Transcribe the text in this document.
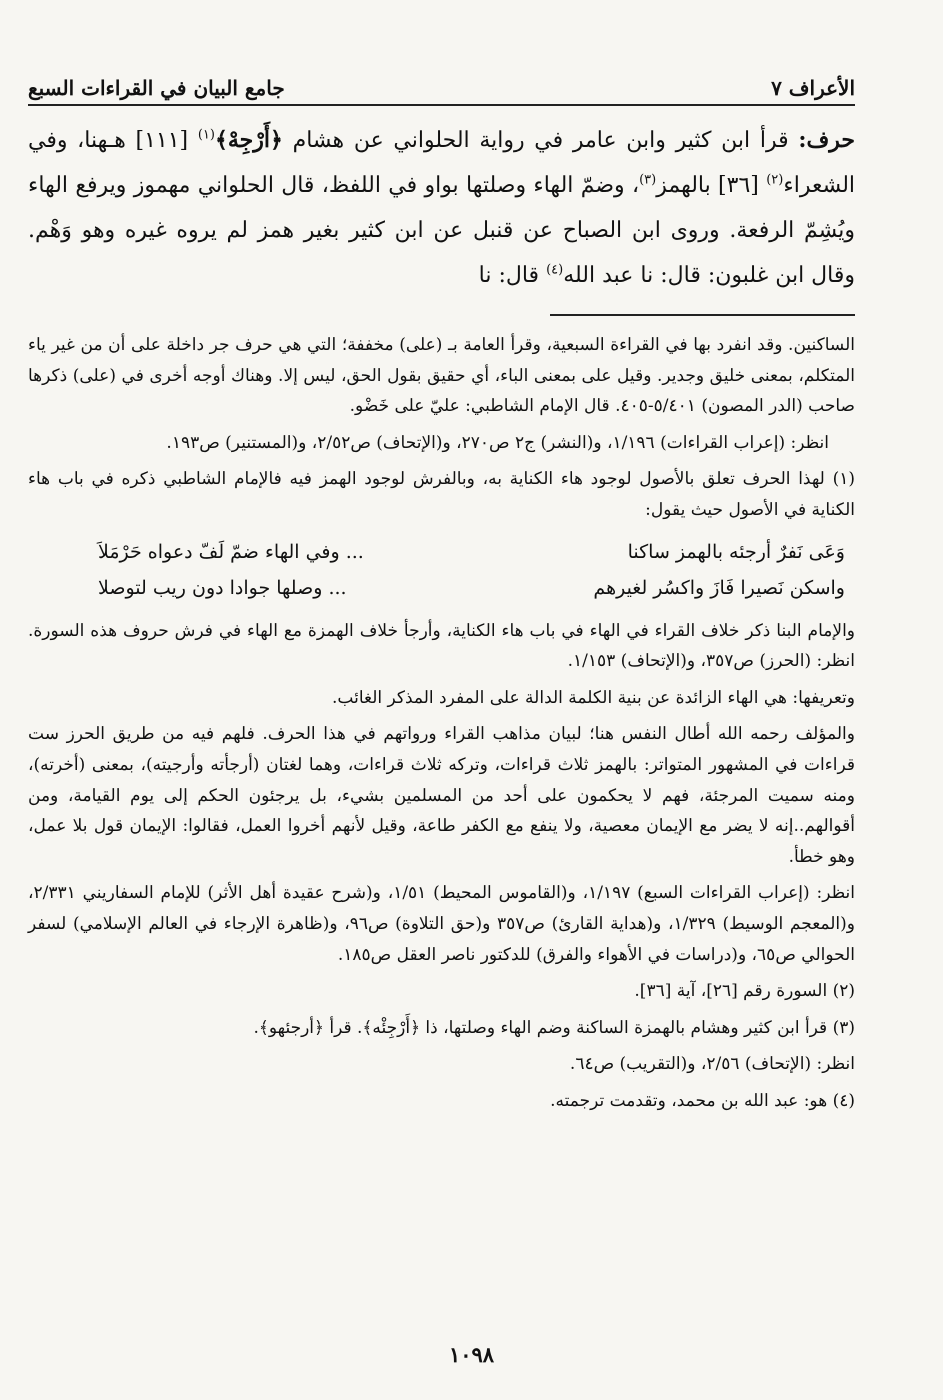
الأعراف ٧
جامع البيان في القراءات السبع
حرف: قرأ ابن كثير وابن عامر في رواية الحلواني عن هشام ﴿أَرْجِهْ﴾$^{(١)}$ [١١١] هـهنا، وفي الشعراء$^{(٢)}$ [٣٦] بالهمز$^{(٣)}$، وضمّ الهاء وصلتها بواو في اللفظ، قال الحلواني مهموز ويرفع الهاء ويُشِمّ الرفعة. وروى ابن الصباح عن قنبل عن ابن كثير بغير همز لم يروه غيره وهو وَهْم. وقال ابن غلبون: قال: نا عبد الله$^{(٤)}$ قال: نا

الساكنين. وقد انفرد بها في القراءة السبعية، وقرأ العامة بـ (على) مخففة؛ التي هي حرف جر داخلة على أن من غير ياء المتكلم، بمعنى خليق وجدير. وقيل على بمعنى الباء، أي حقيق بقول الحق، ليس إلا. وهناك أوجه أخرى في (على) ذكرها صاحب (الدر المصون) ٥/٤٠١-٤٠٥. قال الإمام الشاطبي: عليّ على خَضْو.

انظر: (إعراب القراءات) ١/١٩٦، و(النشر) ج٢ ص٢٧٠، و(الإتحاف) ص٢/٥٢، و(المستنير) ص١٩٣.

(١) لهذا الحرف تعلق بالأصول لوجود هاء الكناية به، وبالفرش لوجود الهمز فيه فالإمام الشاطبي ذكره في باب هاء الكناية في الأصول حيث يقول:

وَعَى نَفرٌ أرجئه بالهمز ساكنا
... وفي الهاء ضمّ لَفّ دعواه حَرْمَلاَ
واسكن نَصيرا فَازَ واكسُر لغيرهم
... وصلها جوادا دون ريب لتوصلا

والإمام البنا ذكر خلاف القراء في الهاء في باب هاء الكناية، وأرجأ خلاف الهمزة مع الهاء في فرش حروف هذه السورة. انظر: (الحرز) ص٣٥٧، و(الإتحاف) ١/١٥٣.

وتعريفها: هي الهاء الزائدة عن بنية الكلمة الدالة على المفرد المذكر الغائب.

والمؤلف رحمه الله أطال النفس هنا؛ لبيان مذاهب القراء ورواتهم في هذا الحرف. فلهم فيه من طريق الحرز ست قراءات في المشهور المتواتر: بالهمز ثلاث قراءات، وتركه ثلاث قراءات، وهما لغتان (أرجأته وأرجيته)، بمعنى (أخرته)، ومنه سميت المرجئة، فهم لا يحكمون على أحد من المسلمين بشيء، بل يرجئون الحكم إلى يوم القيامة، ومن أقوالهم..إنه لا يضر مع الإيمان معصية، ولا ينفع مع الكفر طاعة، وقيل لأنهم أخروا العمل، فقالوا: الإيمان قول بلا عمل، وهو خطأ.

انظر: (إعراب القراءات السبع) ١/١٩٧، و(القاموس المحيط) ١/٥١، و(شرح عقيدة أهل الأثر) للإمام السفاريني ٢/٣٣١، و(المعجم الوسيط) ١/٣٢٩، و(هداية القارئ) ص٣٥٧ و(حق التلاوة) ص٩٦، و(ظاهرة الإرجاء في العالم الإسلامي) لسفر الحوالي ص٦٥، و(دراسات في الأهواء والفرق) للدكتور ناصر العقل ص١٨٥.

(٢) السورة رقم [٢٦]، آية [٣٦].

(٣) قرأ ابن كثير وهشام بالهمزة الساكنة وضم الهاء وصلتها، ذا ﴿أَرْجِئْه﴾. قرأ ﴿أرجئهو﴾.

انظر: (الإتحاف) ٢/٥٦، و(التقريب) ص٦٤.

(٤) هو: عبد الله بن محمد، وتقدمت ترجمته.

١٠٩٨
